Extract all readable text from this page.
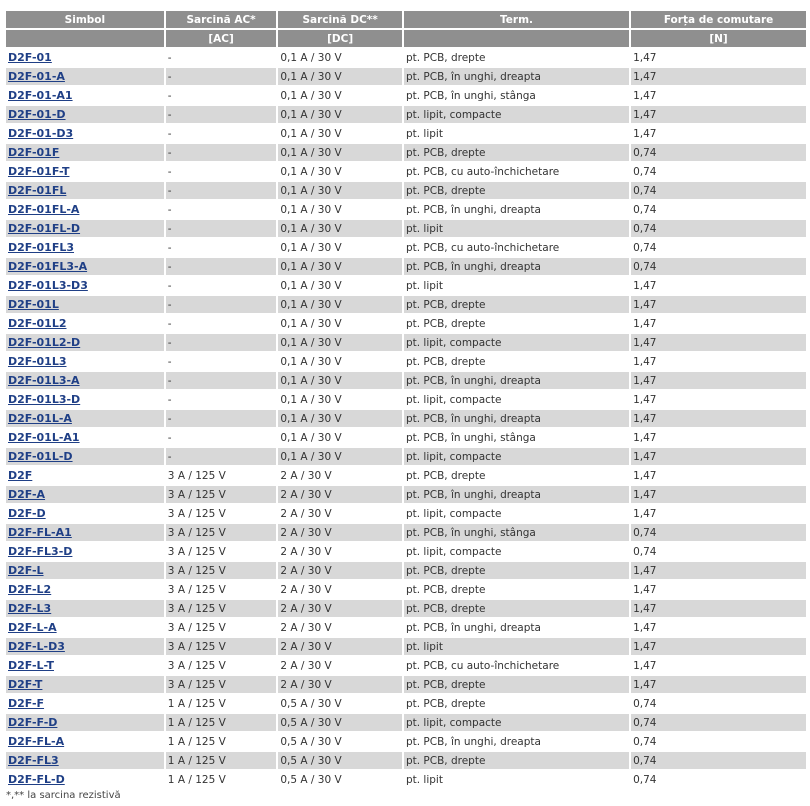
Simbol	Sarcină AC*	Sarcină DC**	Term.	Forța de comutare
	[AC]	[DC]		[N]
D2F-01	-	0,1 A / 30 V	pt. PCB, drepte	1,47
D2F-01-A	-	0,1 A / 30 V	pt. PCB, în unghi, dreapta	1,47
D2F-01-A1	-	0,1 A / 30 V	pt. PCB, în unghi, stânga	1,47
D2F-01-D	-	0,1 A / 30 V	pt. lipit, compacte	1,47
D2F-01-D3	-	0,1 A / 30 V	pt. lipit	1,47
D2F-01F	-	0,1 A / 30 V	pt. PCB, drepte	0,74
D2F-01F-T	-	0,1 A / 30 V	pt. PCB, cu auto-închichetare	0,74
D2F-01FL	-	0,1 A / 30 V	pt. PCB, drepte	0,74
D2F-01FL-A	-	0,1 A / 30 V	pt. PCB, în unghi, dreapta	0,74
D2F-01FL-D	-	0,1 A / 30 V	pt. lipit	0,74
D2F-01FL3	-	0,1 A / 30 V	pt. PCB, cu auto-închichetare	0,74
D2F-01FL3-A	-	0,1 A / 30 V	pt. PCB, în unghi, dreapta	0,74
D2F-01L3-D3	-	0,1 A / 30 V	pt. lipit	1,47
D2F-01L	-	0,1 A / 30 V	pt. PCB, drepte	1,47
D2F-01L2	-	0,1 A / 30 V	pt. PCB, drepte	1,47
D2F-01L2-D	-	0,1 A / 30 V	pt. lipit, compacte	1,47
D2F-01L3	-	0,1 A / 30 V	pt. PCB, drepte	1,47
D2F-01L3-A	-	0,1 A / 30 V	pt. PCB, în unghi, dreapta	1,47
D2F-01L3-D	-	0,1 A / 30 V	pt. lipit, compacte	1,47
D2F-01L-A	-	0,1 A / 30 V	pt. PCB, în unghi, dreapta	1,47
D2F-01L-A1	-	0,1 A / 30 V	pt. PCB, în unghi, stânga	1,47
D2F-01L-D	-	0,1 A / 30 V	pt. lipit, compacte	1,47
D2F	3 A / 125 V	2 A / 30 V	pt. PCB, drepte	1,47
D2F-A	3 A / 125 V	2 A / 30 V	pt. PCB, în unghi, dreapta	1,47
D2F-D	3 A / 125 V	2 A / 30 V	pt. lipit, compacte	1,47
D2F-FL-A1	3 A / 125 V	2 A / 30 V	pt. PCB, în unghi, stânga	0,74
D2F-FL3-D	3 A / 125 V	2 A / 30 V	pt. lipit, compacte	0,74
D2F-L	3 A / 125 V	2 A / 30 V	pt. PCB, drepte	1,47
D2F-L2	3 A / 125 V	2 A / 30 V	pt. PCB, drepte	1,47
D2F-L3	3 A / 125 V	2 A / 30 V	pt. PCB, drepte	1,47
D2F-L-A	3 A / 125 V	2 A / 30 V	pt. PCB, în unghi, dreapta	1,47
D2F-L-D3	3 A / 125 V	2 A / 30 V	pt. lipit	1,47
D2F-L-T	3 A / 125 V	2 A / 30 V	pt. PCB, cu auto-închichetare	1,47
D2F-T	3 A / 125 V	2 A / 30 V	pt. PCB, drepte	1,47
D2F-F	1 A / 125 V	0,5 A / 30 V	pt. PCB, drepte	0,74
D2F-F-D	1 A / 125 V	0,5 A / 30 V	pt. lipit, compacte	0,74
D2F-FL-A	1 A / 125 V	0,5 A / 30 V	pt. PCB, în unghi, dreapta	0,74
D2F-FL3	1 A / 125 V	0,5 A / 30 V	pt. PCB, drepte	0,74
D2F-FL-D	1 A / 125 V	0,5 A / 30 V	pt. lipit	0,74
*,** la sarcina rezistivă
